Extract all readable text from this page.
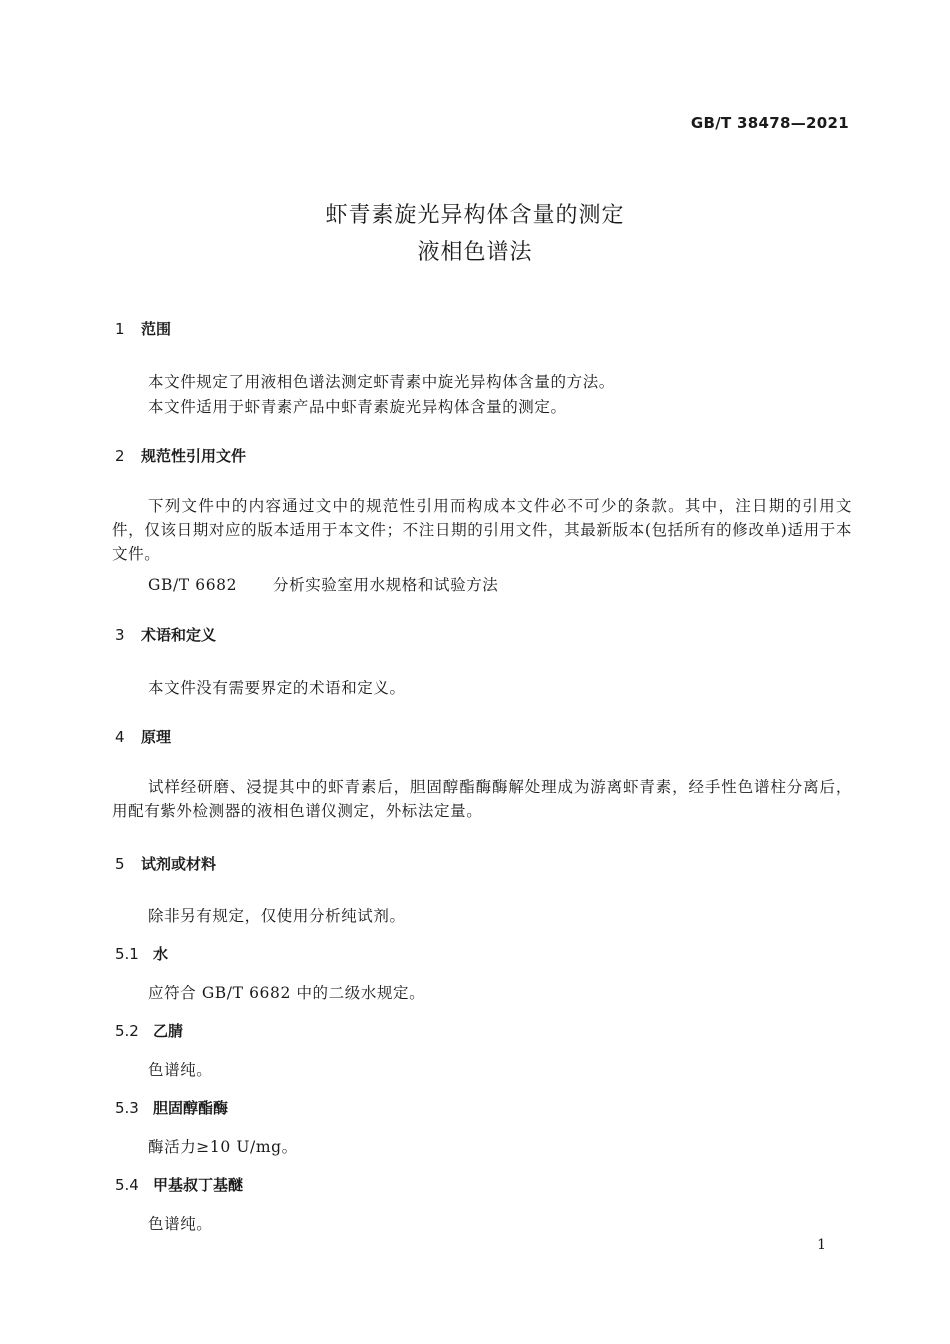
GB/T 38478—2021
虾青素旋光异构体含量的测定
液相色谱法
1 范围
本文件规定了用液相色谱法测定虾青素中旋光异构体含量的方法。
本文件适用于虾青素产品中虾青素旋光异构体含量的测定。
2 规范性引用文件
下列文件中的内容通过文中的规范性引用而构成本文件必不可少的条款。其中，注日期的引用文件，仅该日期对应的版本适用于本文件；不注日期的引用文件，其最新版本(包括所有的修改单)适用于本文件。
GB/T 6682 分析实验室用水规格和试验方法
3 术语和定义
本文件没有需要界定的术语和定义。
4 原理
试样经研磨、浸提其中的虾青素后，胆固醇酯酶酶解处理成为游离虾青素，经手性色谱柱分离后，用配有紫外检测器的液相色谱仪测定，外标法定量。
5 试剂或材料
除非另有规定，仅使用分析纯试剂。
5.1 水
应符合 GB/T 6682 中的二级水规定。
5.2 乙腈
色谱纯。
5.3 胆固醇酯酶
酶活力≥10 U/mg。
5.4 甲基叔丁基醚
色谱纯。
1
